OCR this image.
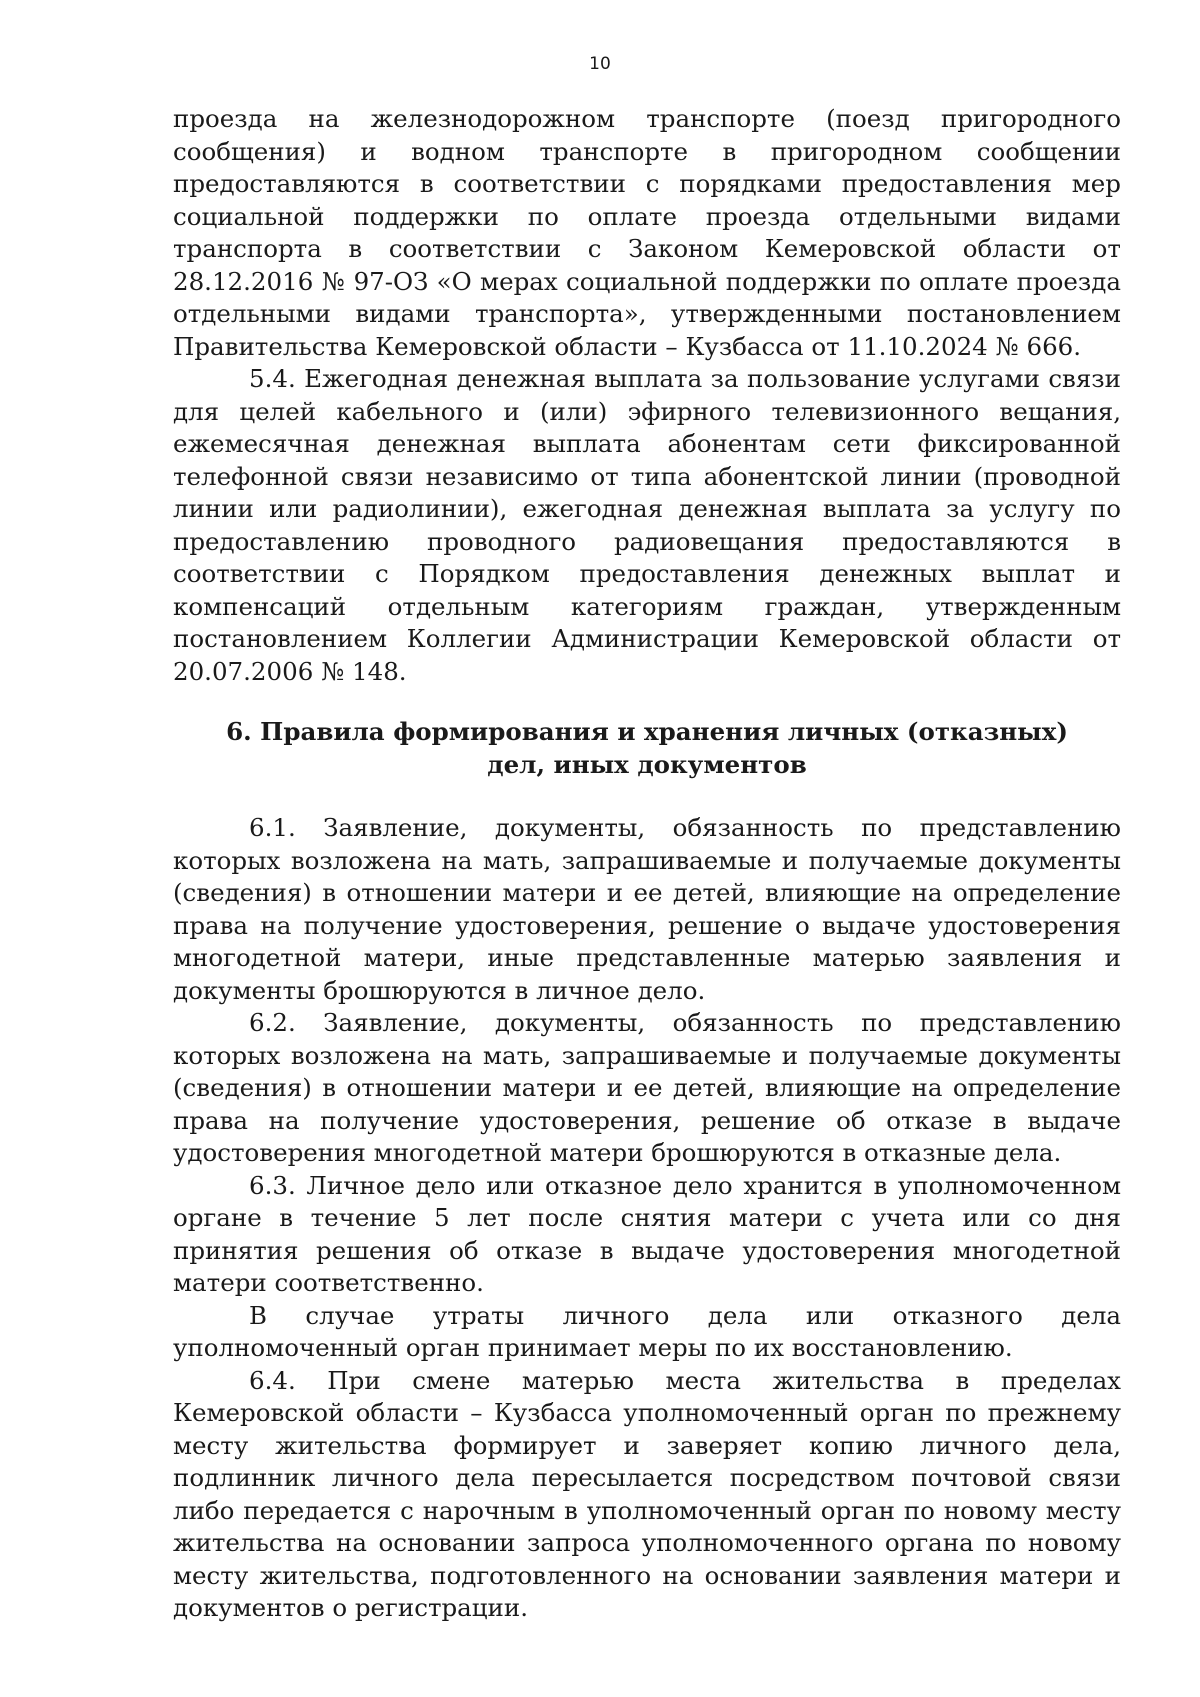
10

проезда на железнодорожном транспорте (поезд пригородного сообщения) и водном транспорте в пригородном сообщении предоставляются в соответствии с порядками предоставления мер социальной поддержки по оплате проезда отдельными видами транспорта в соответствии с Законом Кемеровской области от 28.12.2016 № 97-ОЗ «О мерах социальной поддержки по оплате проезда отдельными видами транспорта», утвержденными постановлением Правительства Кемеровской области – Кузбасса от 11.10.2024 № 666.

5.4. Ежегодная денежная выплата за пользование услугами связи для целей кабельного и (или) эфирного телевизионного вещания, ежемесячная денежная выплата абонентам сети фиксированной телефонной связи независимо от типа абонентской линии (проводной линии или радиолинии), ежегодная денежная выплата за услугу по предоставлению проводного радиовещания предоставляются в соответствии с Порядком предоставления денежных выплат и компенсаций отдельным категориям граждан, утвержденным постановлением Коллегии Администрации Кемеровской области от 20.07.2006 № 148.

6. Правила формирования и хранения личных (отказных)
дел, иных документов

6.1. Заявление, документы, обязанность по представлению которых возложена на мать, запрашиваемые и получаемые документы (сведения) в отношении матери и ее детей, влияющие на определение права на получение удостоверения, решение о выдаче удостоверения многодетной матери, иные представленные матерью заявления и документы брошюруются в личное дело.

6.2. Заявление, документы, обязанность по представлению которых возложена на мать, запрашиваемые и получаемые документы (сведения) в отношении матери и ее детей, влияющие на определение права на получение удостоверения, решение об отказе в выдаче удостоверения многодетной матери брошюруются в отказные дела.

6.3. Личное дело или отказное дело хранится в уполномоченном органе в течение 5 лет после снятия матери с учета или со дня принятия решения об отказе в выдаче удостоверения многодетной матери соответственно.

В случае утраты личного дела или отказного дела уполномоченный орган принимает меры по их восстановлению.

6.4. При смене матерью места жительства в пределах Кемеровской области – Кузбасса уполномоченный орган по прежнему месту жительства формирует и заверяет копию личного дела, подлинник личного дела пересылается посредством почтовой связи либо передается с нарочным в уполномоченный орган по новому месту жительства на основании запроса уполномоченного органа по новому месту жительства, подготовленного на основании заявления матери и документов о регистрации.
